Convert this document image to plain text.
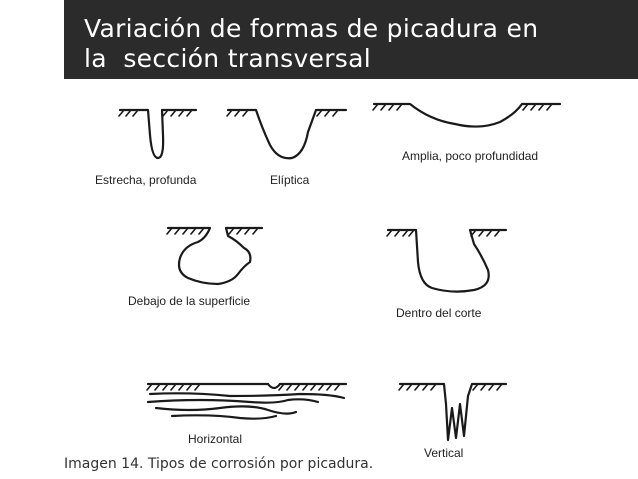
Variación de formas de picadura en
la  sección transversal
Estrecha, profunda	Elíptica
Amplia, poco profundidad
Debajo de la superficie
Dentro del corte
Horizontal
Vertical
Imagen 14. Tipos de corrosión por picadura.
